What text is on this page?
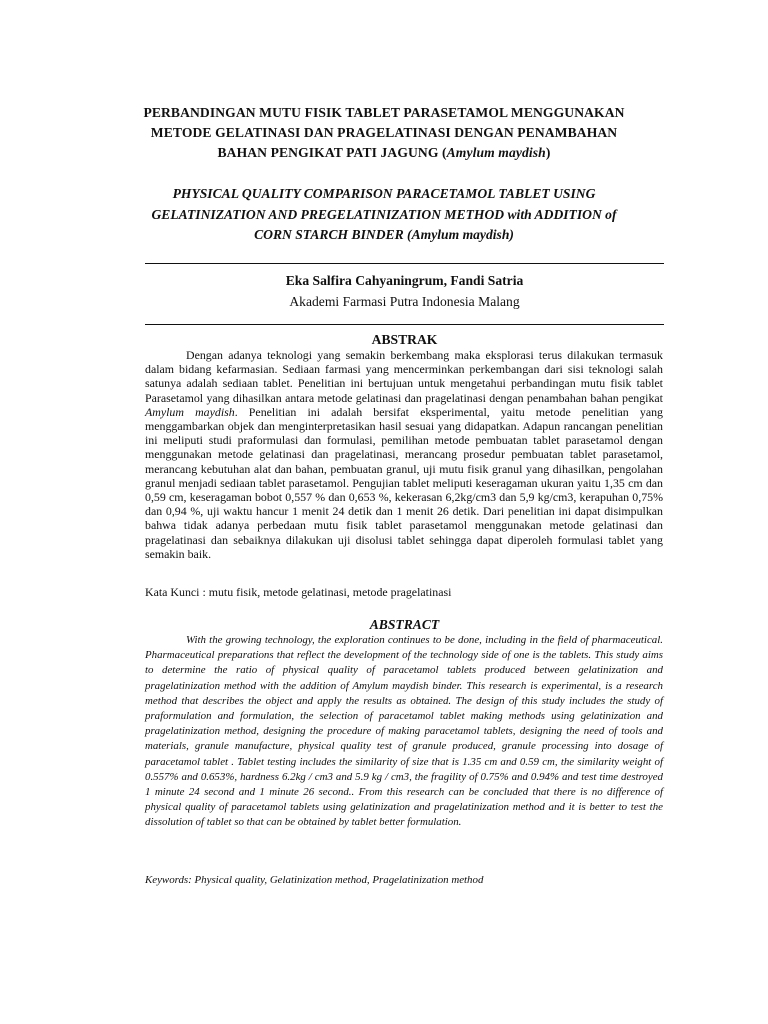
PERBANDINGAN MUTU FISIK TABLET PARASETAMOL MENGGUNAKAN
METODE GELATINASI DAN PRAGELATINASI DENGAN PENAMBAHAN
BAHAN PENGIKAT PATI JAGUNG (Amylum maydish)
PHYSICAL QUALITY COMPARISON PARACETAMOL TABLET USING
GELATINIZATION AND PREGELATINIZATION METHOD with ADDITION of
CORN STARCH BINDER (Amylum maydish)
Eka Salfira Cahyaningrum, Fandi Satria
Akademi Farmasi Putra Indonesia Malang
ABSTRAK

Dengan adanya teknologi yang semakin berkembang maka eksplorasi terus dilakukan termasuk dalam bidang kefarmasian. Sediaan farmasi yang mencerminkan perkembangan dari sisi teknologi salah satunya adalah sediaan tablet. Penelitian ini bertujuan untuk mengetahui perbandingan mutu fisik tablet Parasetamol yang dihasilkan antara metode gelatinasi dan pragelatinasi dengan penambahan bahan pengikat Amylum maydish. Penelitian ini adalah bersifat eksperimental, yaitu metode penelitian yang menggambarkan objek dan menginterpretasikan hasil sesuai yang didapatkan. Adapun rancangan penelitian ini meliputi studi praformulasi dan formulasi, pemilihan metode pembuatan tablet parasetamol dengan menggunakan metode gelatinasi dan pragelatinasi, merancang prosedur pembuatan tablet parasetamol, merancang kebutuhan alat dan bahan, pembuatan granul, uji mutu fisik granul yang dihasilkan, pengolahan granul menjadi sediaan tablet parasetamol. Pengujian tablet meliputi keseragaman ukuran yaitu 1,35 cm dan 0,59 cm, keseragaman bobot 0,557 % dan 0,653 %, kekerasan 6,2kg/cm3 dan 5,9 kg/cm3, kerapuhan 0,75% dan 0,94 %, uji waktu hancur 1 menit 24 detik dan 1 menit 26 detik. Dari penelitian ini dapat disimpulkan bahwa tidak adanya perbedaan mutu fisik tablet parasetamol menggunakan metode gelatinasi dan pragelatinasi dan sebaiknya dilakukan uji disolusi tablet sehingga dapat diperoleh formulasi tablet yang semakin baik.

Kata Kunci : mutu fisik, metode gelatinasi, metode pragelatinasi
ABSTRACT

With the growing technology, the exploration continues to be done, including in the field of pharmaceutical. Pharmaceutical preparations that reflect the development of the technology side of one is the tablets. This study aims to determine the ratio of physical quality of paracetamol tablets produced between gelatinization and pragelatinization method with the addition of Amylum maydish binder. This research is experimental, is a research method that describes the object and apply the results as obtained. The design of this study includes the study of praformulation and formulation, the selection of paracetamol tablet making methods using gelatinization and pragelatinization method, designing the procedure of making paracetamol tablets, designing the need of tools and materials, granule manufacture, physical quality test of granule produced, granule processing into dosage of paracetamol tablet . Tablet testing includes the similarity of size that is 1.35 cm and 0.59 cm, the similarity weight of 0.557% and 0.653%, hardness 6.2kg / cm3 and 5.9 kg / cm3, the fragility of 0.75% and 0.94% and test time destroyed 1 minute 24 second and 1 minute 26 second.. From this research can be concluded that there is no difference of physical quality of paracetamol tablets using gelatinization and pragelatinization method and it is better to test the dissolution of tablet so that can be obtained by tablet better formulation.

Keywords: Physical quality, Gelatinization method, Pragelatinization method
